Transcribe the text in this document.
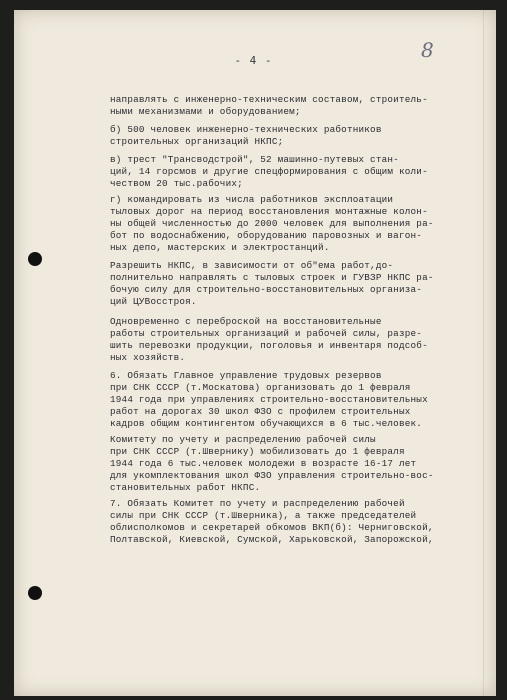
- 4 -	8
направлять с инженерно-техническим составом, строитель-
ными механизмами и оборудованием;
б) 500 человек инженерно-технических работников
строительных организаций НКПС;
в) трест "Трансводстрой", 52 машинно-путевых стан-
ций, 14 горсмов и другие спецформирования с общим коли-
чеством 20 тыс.рабочих;
г) командировать из числа работников эксплоатации
тыловых дорог на период восстановления монтажные колон-
ны общей численностью до 2000 человек для выполнения ра-
бот по водоснабжению, оборудованию паровозных и вагон-
ных депо, мастерских и электростанций.
Разрешить НКПС, в зависимости от об"ема работ,до-
полнительно направлять с тыловых строек и ГУВЗР НКПС ра-
бочую силу для строительно-восстановительных организа-
ций ЦУВосстроя.
Одновременно с переброской на восстановительные
работы строительных организаций и рабочей силы, разре-
шить перевозки продукции, поголовья и инвентаря подсоб-
ных хозяйств.
6. Обязать Главное управление трудовых резервов
при СНК СССР (т.Москатова) организовать до 1 февраля
1944 года при управлениях строительно-восстановительных
работ на дорогах 30 школ ФЗО с профилем строительных
кадров общим контингентом обучающихся в 6 тыс.человек.
Комитету по учету и распределению рабочей силы
при СНК СССР (т.Швернику) мобилизовать до 1 февраля
1944 года 6 тыс.человек молодежи в возрасте 16-17 лет
для укомплектования школ ФЗО управления строительно-вос-
становительных работ НКПС.
7. Обязать Комитет по учету и распределению рабочей
силы при СНК СССР (т.Шверника), а также председателей
облисполкомов и секретарей обкомов ВКП(б): Черниговской,
Полтавской, Киевской, Сумской, Харьковской, Запорожской,
